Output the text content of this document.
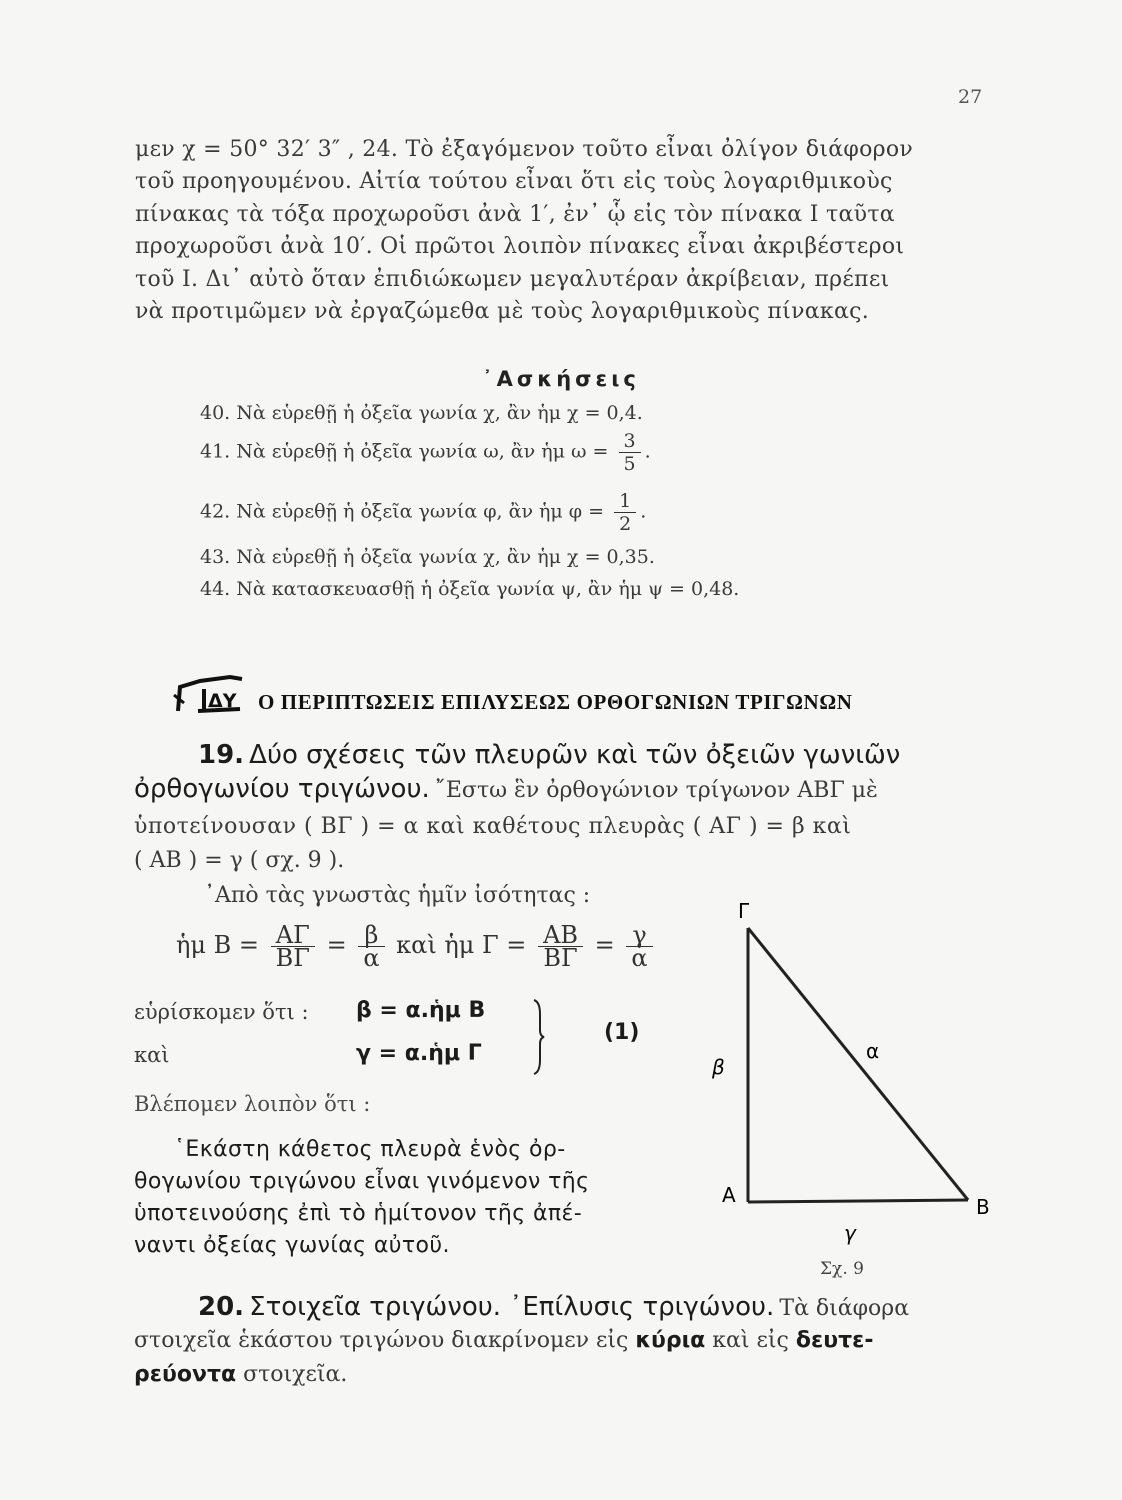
27
μεν χ = 50° 32′ 3″ , 24. Τὸ ἐξαγόμενον τοῦτο εἶναι ὀλίγον διάφορον
τοῦ προηγουμένου. Αἰτία τούτου εἶναι ὅτι εἰς τοὺς λογαριθμικοὺς
πίνακας τὰ τόξα προχωροῦσι ἀνὰ 1′, ἐν᾿ ᾧ εἰς τὸν πίνακα Ι ταῦτα
προχωροῦσι ἀνὰ 10′. Οἱ πρῶτοι λοιπὸν πίνακες εἶναι ἀκριβέστεροι
τοῦ Ι. Δι᾿ αὐτὸ ὅταν ἐπιδιώκωμεν μεγαλυτέραν ἀκρίβειαν, πρέπει
νὰ προτιμῶμεν νὰ ἐργαζώμεθα μὲ τοὺς λογαριθμικοὺς πίνακας.
᾿Ασκήσεις
40. Νὰ εὑρεθῇ ἡ ὀξεῖα γωνία χ, ἂν ἡμ χ = 0,4.
41. Νὰ εὑρεθῇ ἡ ὀξεῖα γωνία ω, ἂν ἡμ $\omega = \frac{3}{5}$ .
42. Νὰ εὑρεθῇ ἡ ὀξεῖα γωνία φ, ἂν ἡμ $\varphi = \frac{1}{2}$ .
43. Νὰ εὑρεθῇ ἡ ὀξεῖα γωνία χ, ἂν ἡμ χ = 0,35.
44. Νὰ κατασκευασθῇ ἡ ὀξεῖα γωνία ψ, ἂν ἡμ ψ = 0,48.
ΔΥ Ο ΠΕΡΙΠΤΩΣΕΙΣ ΕΠΙΛΥΣΕΩΣ ΟΡΘΟΓΩΝΙΩΝ ΤΡΙΓΩΝΩΝ
19. Δύο σχέσεις τῶν πλευρῶν καὶ τῶν ὀξειῶν γωνιῶν
ὀρθογωνίου τριγώνου. ῎Εστω ἓν ὀρθογώνιον τρίγωνον ΑΒΓ μὲ
ὑποτείνουσαν ( ΒΓ ) = α καὶ καθέτους πλευρὰς ( ΑΓ ) = β καὶ
( ΑΒ ) = γ ( σχ. 9 ).
᾿Απὸ τὰς γνωστὰς ἡμῖν ἰσότητας :
ἡμ $B = \frac{A\Gamma}{B\Gamma} = \frac{\beta}{\alpha}$ καὶ ἡμ $\Gamma = \frac{AB}{B\Gamma} = \frac{\gamma}{\alpha}$
εὑρίσκομεν ὅτι : β = α.ἡμ Β
καὶ	γ = α.ἡμ Γ
(1)
Βλέπομεν λοιπὸν ὅτι :
῾Εκάστη κάθετος πλευρὰ ἑνὸς ὀρ-
θογωνίου τριγώνου εἶναι γινόμενον τῆς
ὑποτεινούσης ἐπὶ τὸ ἡμίτονον τῆς ἀπέ-
ναντι ὀξείας γωνίας αὐτοῦ.
Γ
Α	Β
β
α
γ
Σχ. 9
20. Στοιχεῖα τριγώνου. ᾿Επίλυσις τριγώνου. Τὰ διάφορα
στοιχεῖα ἑκάστου τριγώνου διακρίνομεν εἰς κύρια καὶ εἰς δευτε-
ρεύοντα στοιχεῖα.
